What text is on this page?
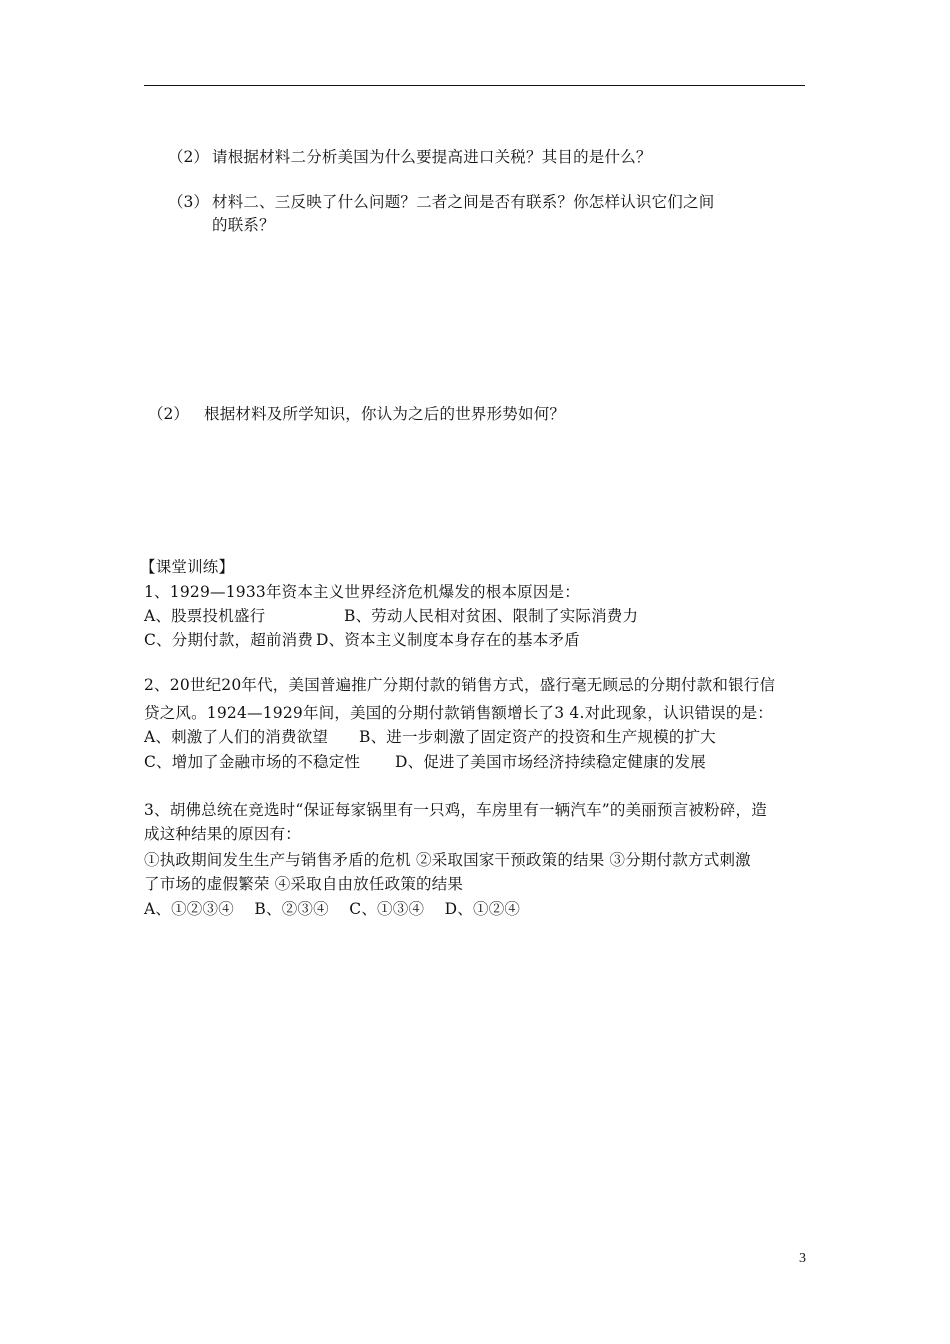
（2） 请根据材料二分析美国为什么要提高进口关税？其目的是什么？
（3） 材料二、三反映了什么问题？二者之间是否有联系？你怎样认识它们之间
的联系？
（2） 根据材料及所学知识，你认为之后的世界形势如何？
【课堂训练】
1、1929—1933年资本主义世界经济危机爆发的根本原因是：
A、股票投机盛行	B、劳动人民相对贫困、限制了实际消费力
C、分期付款，超前消费 D、资本主义制度本身存在的基本矛盾
2、20世纪20年代，美国普遍推广分期付款的销售方式，盛行毫无顾忌的分期付款和银行信
贷之风。1924—1929年间，美国的分期付款销售额增长了3 4.对此现象，认识错误的是：
A、刺激了人们的消费欲望 B、进一步刺激了固定资产的投资和生产规模的扩大
C、增加了金融市场的不稳定性 D、促进了美国市场经济持续稳定健康的发展
3、胡佛总统在竞选时“保证每家锅里有一只鸡，车房里有一辆汽车”的美丽预言被粉碎，造
成这种结果的原因有：
①执政期间发生生产与销售矛盾的危机 ②采取国家干预政策的结果 ③分期付款方式刺激
了市场的虚假繁荣 ④采取自由放任政策的结果
A、①②③④    B、②③④    C、①③④    D、①②④
3
